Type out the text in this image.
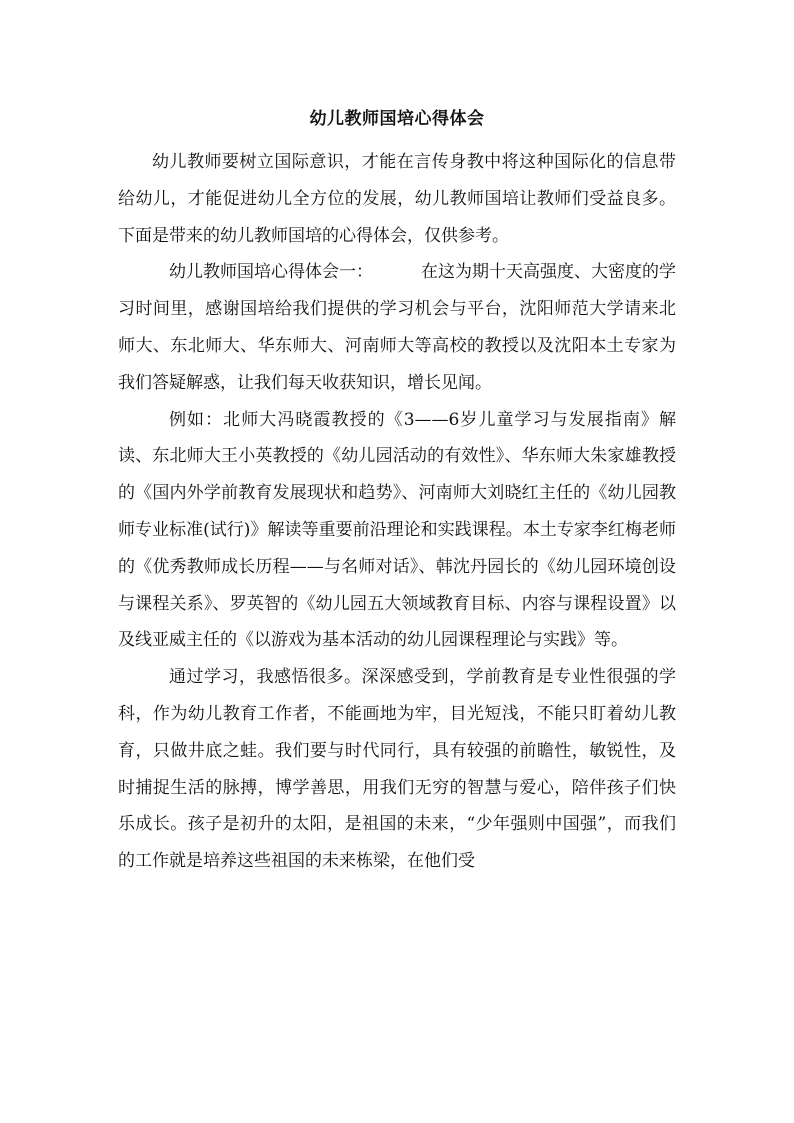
幼儿教师国培心得体会

幼儿教师要树立国际意识，才能在言传身教中将这种国际化的信息带给幼儿，才能促进幼儿全方位的发展，幼儿教师国培让教师们受益良多。下面是带来的幼儿教师国培的心得体会，仅供参考。

幼儿教师国培心得体会一：	在这为期十天高强度、大密度的学习时间里，感谢国培给我们提供的学习机会与平台，沈阳师范大学请来北师大、东北师大、华东师大、河南师大等高校的教授以及沈阳本土专家为我们答疑解惑，让我们每天收获知识，增长见闻。

例如：北师大冯晓霞教授的《3——6岁儿童学习与发展指南》解读、东北师大王小英教授的《幼儿园活动的有效性》、华东师大朱家雄教授的《国内外学前教育发展现状和趋势》、河南师大刘晓红主任的《幼儿园教师专业标准(试行)》解读等重要前沿理论和实践课程。本土专家李红梅老师的《优秀教师成长历程——与名师对话》、韩沈丹园长的《幼儿园环境创设与课程关系》、罗英智的《幼儿园五大领域教育目标、内容与课程设置》以及线亚威主任的《以游戏为基本活动的幼儿园课程理论与实践》等。

通过学习，我感悟很多。深深感受到，学前教育是专业性很强的学科，作为幼儿教育工作者，不能画地为牢，目光短浅，不能只盯着幼儿教育，只做井底之蛙。我们要与时代同行，具有较强的前瞻性，敏锐性，及时捕捉生活的脉搏，博学善思，用我们无穷的智慧与爱心，陪伴孩子们快乐成长。孩子是初升的太阳，是祖国的未来，“少年强则中国强”，而我们的工作就是培养这些祖国的未来栋梁，在他们受
